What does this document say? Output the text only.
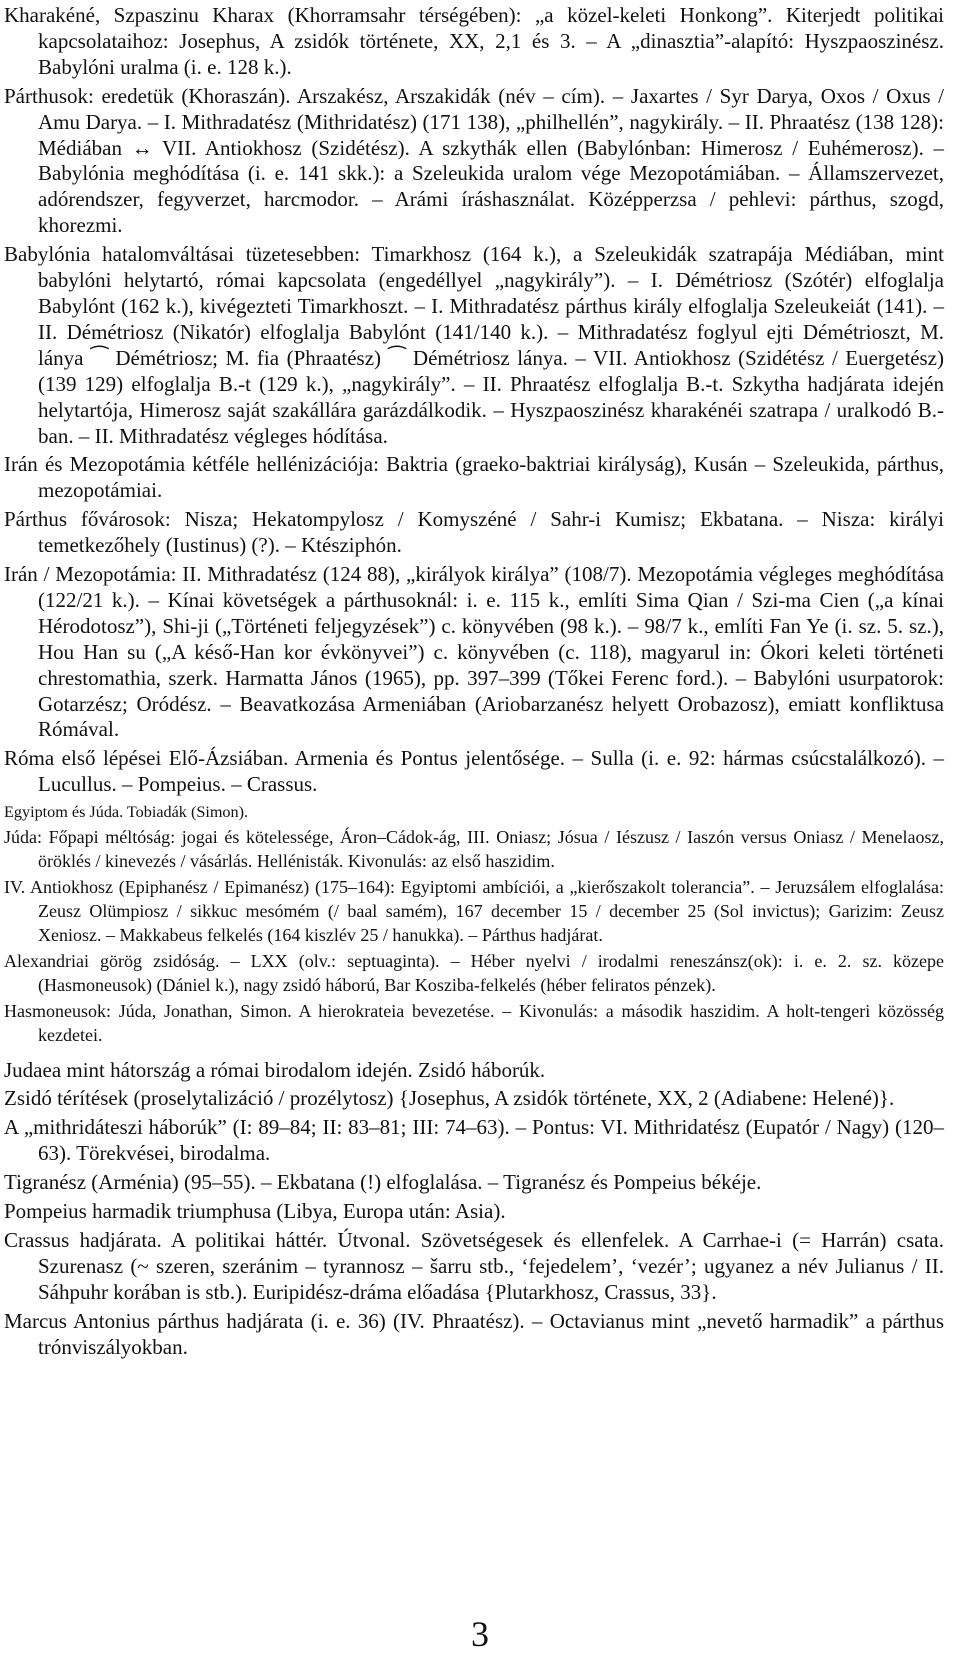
Kharakéné, Szpaszinu Kharax (Khorramsahr térségében): „a közel-keleti Honkong”. Kiterjedt politikai kapcsolataihoz: Josephus, A zsidók története, XX, 2,1 és 3. – A „dinasztia”-alapító: Hyszpaoszinész. Babylóni uralma (i. e. 128 k.).

Párthusok: eredetük (Khoraszán). Arszakész, Arszakidák (név – cím). – Jaxartes / Syr Darya, Oxos / Oxus / Amu Darya. – I. Mithradatész (Mithridatész) (171 138), „philhellén”, nagykirály. – II. Phraatész (138 128): Médiában ↔ VII. Antiokhosz (Szidétész). A szkythák ellen (Babylónban: Himerosz / Euhémerosz). – Babylónia meghódítása (i. e. 141 skk.): a Szeleukida uralom vége Mezopotámiában. – Államszervezet, adórendszer, fegyverzet, harcmodor. – Arámi íráshasználat. Középperzsa / pehlevi: párthus, szogd, khorezmi.

Babylónia hatalomváltásai tüzetesebben: Timarkhosz (164 k.), a Szeleukidák szatrapája Médiában, mint babylóni helytartó, római kapcsolata (engedéllyel „nagykirály”). – I. Démétriosz (Szótér) elfoglalja Babylónt (162 k.), kivégezteti Timarkhoszt. – I. Mithradatész párthus király elfoglalja Szeleukeiát (141). – II. Démétriosz (Nikatór) elfoglalja Babylónt (141/140 k.). – Mithradatész foglyul ejti Démétrioszt, M. lánya ⁀ Démétriosz; M. fia (Phraatész) ⁀ Démétriosz lánya. – VII. Antiokhosz (Szidétész / Euergetész) (139 129) elfoglalja B.-t (129 k.), „nagykirály”. – II. Phraatész elfoglalja B.-t. Szkytha hadjárata idején helytartója, Himerosz saját szakállára garázdálkodik. – Hyszpaoszinész kharakénéi szatrapa / uralkodó B.-ban. – II. Mithradatész végleges hódítása.

Irán és Mezopotámia kétféle hellénizációja: Baktria (graeko-baktriai királyság), Kusán – Szeleukida, párthus, mezopotámiai.

Párthus fővárosok: Nisza; Hekatompylosz / Komyszéné / Sahr-i Kumisz; Ekbatana. – Nisza: királyi temetkezőhely (Iustinus) (?). – Ktésziphón.

Irán / Mezopotámia: II. Mithradatész (124 88), „királyok királya” (108/7). Mezopotámia végleges meghódítása (122/21 k.). – Kínai követségek a párthusoknál: i. e. 115 k., említi Sima Qian / Szi-ma Cien („a kínai Hérodotosz”), Shi-ji („Történeti feljegyzések”) c. könyvében (98 k.). – 98/7 k., említi Fan Ye (i. sz. 5. sz.), Hou Han su („A késő-Han kor évkönyvei”) c. könyvében (c. 118), magyarul in: Ókori keleti történeti chrestomathia, szerk. Harmatta János (1965), pp. 397–399 (Tőkei Ferenc ford.). – Babylóni usurpatorok: Gotarzész; Oródész. – Beavatkozása Armeniában (Ariobarzanész helyett Orobazosz), emiatt konfliktusa Rómával.

Róma első lépései Elő-Ázsiában. Armenia és Pontus jelentősége. – Sulla (i. e. 92: hármas csúcstalálkozó). – Lucullus. – Pompeius. – Crassus.

Egyiptom és Júda. Tobiadák (Simon).

Júda: Főpapi méltóság: jogai és kötelessége, Áron–Cádok-ág, III. Oniasz; Jósua / Iészusz / Iaszón versus Oniasz / Menelaosz, öröklés / kinevezés / vásárlás. Hellénisták. Kivonulás: az első haszidim.

IV. Antiokhosz (Epiphanész / Epimanész) (175–164): Egyiptomi ambíciói, a „kierőszakolt tolerancia”. – Jeruzsálem elfoglalása: Zeusz Olümpiosz / sikkuc mesómém (/ baal samém), 167 december 15 / december 25 (Sol invictus); Garizim: Zeusz Xeniosz. – Makkabeus felkelés (164 kiszlév 25 / hanukka). – Párthus hadjárat.

Alexandriai görög zsidóság. – LXX (olv.: septuaginta). – Héber nyelvi / irodalmi reneszánsz(ok): i. e. 2. sz. közepe (Hasmoneusok) (Dániel k.), nagy zsidó háború, Bar Kosziba-felkelés (héber feliratos pénzek).

Hasmoneusok: Júda, Jonathan, Simon. A hierokrateia bevezetése. – Kivonulás: a második haszidim. A holt-tengeri közösség kezdetei.

Judaea mint hátország a római birodalom idején. Zsidó háborúk.

Zsidó térítések (proselytalizáció / prozélytosz) {Josephus, A zsidók története, XX, 2 (Adiabene: Helené)}.

A „mithridáteszi háborúk” (I: 89–84; II: 83–81; III: 74–63). – Pontus: VI. Mithridatész (Eupatór / Nagy) (120–63). Törekvései, birodalma.

Tigranész (Arménia) (95–55). – Ekbatana (!) elfoglalása. – Tigranész és Pompeius békéje.

Pompeius harmadik triumphusa (Libya, Europa után: Asia).

Crassus hadjárata. A politikai háttér. Útvonal. Szövetségesek és ellenfelek. A Carrhae-i (= Harrán) csata. Szurenasz (~ szeren, szeránim – tyrannosz – šarru stb., ‘fejedelem’, ‘vezér’; ugyanez a név Julianus / II. Sáhpuhr korában is stb.). Euripidész-dráma előadása {Plutarkhosz, Crassus, 33}.

Marcus Antonius párthus hadjárata (i. e. 36) (IV. Phraatész). – Octavianus mint „nevető harmadik” a párthus trónviszályokban.

3
